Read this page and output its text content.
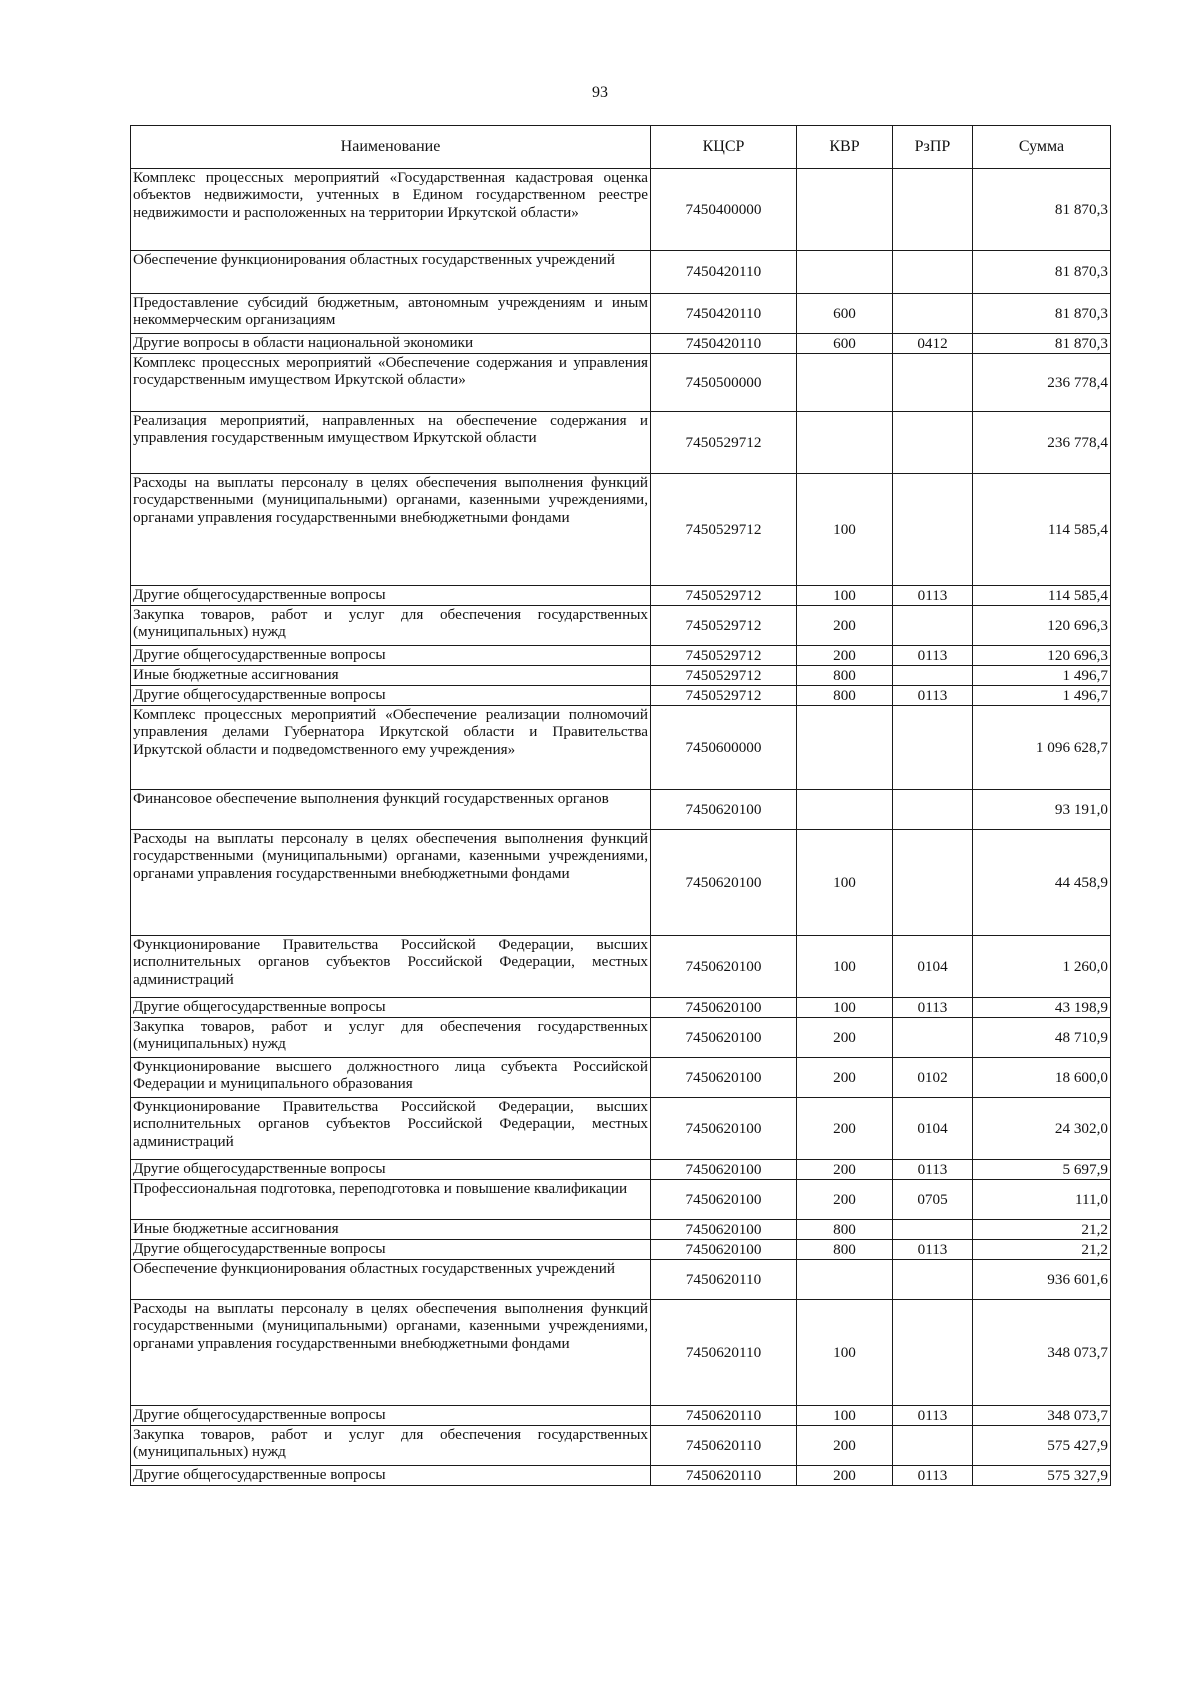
93
Наименование	КЦСР	КВР	РзПР	Сумма
Комплекс процессных мероприятий «Государственная кадастровая оценка объектов недвижимости, учтенных в Едином государственном реестре недвижимости и расположенных на территории Иркутской области»	7450400000			81 870,3
Обеспечение функционирования областных государственных учреждений	7450420110			81 870,3
Предоставление субсидий бюджетным, автономным учреждениям и иным некоммерческим организациям	7450420110	600		81 870,3
Другие вопросы в области национальной экономики	7450420110	600	0412	81 870,3
Комплекс процессных мероприятий «Обеспечение содержания и управления государственным имуществом Иркутской области»	7450500000			236 778,4
Реализация мероприятий, направленных на обеспечение содержания и управления государственным имуществом Иркутской области	7450529712			236 778,4
Расходы на выплаты персоналу в целях обеспечения выполнения функций государственными (муниципальными) органами, казенными учреждениями, органами управления государственными внебюджетными фондами	7450529712	100		114 585,4
Другие общегосударственные вопросы	7450529712	100	0113	114 585,4
Закупка товаров, работ и услуг для обеспечения государственных (муниципальных) нужд	7450529712	200		120 696,3
Другие общегосударственные вопросы	7450529712	200	0113	120 696,3
Иные бюджетные ассигнования	7450529712	800		1 496,7
Другие общегосударственные вопросы	7450529712	800	0113	1 496,7
Комплекс процессных мероприятий «Обеспечение реализации полномочий управления делами Губернатора Иркутской области и Правительства Иркутской области и подведомственного ему учреждения»	7450600000			1 096 628,7
Финансовое обеспечение выполнения функций государственных органов	7450620100			93 191,0
Расходы на выплаты персоналу в целях обеспечения выполнения функций государственными (муниципальными) органами, казенными учреждениями, органами управления государственными внебюджетными фондами	7450620100	100		44 458,9
Функционирование Правительства Российской Федерации, высших исполнительных органов субъектов Российской Федерации, местных администраций	7450620100	100	0104	1 260,0
Другие общегосударственные вопросы	7450620100	100	0113	43 198,9
Закупка товаров, работ и услуг для обеспечения государственных (муниципальных) нужд	7450620100	200		48 710,9
Функционирование высшего должностного лица субъекта Российской Федерации и муниципального образования	7450620100	200	0102	18 600,0
Функционирование Правительства Российской Федерации, высших исполнительных органов субъектов Российской Федерации, местных администраций	7450620100	200	0104	24 302,0
Другие общегосударственные вопросы	7450620100	200	0113	5 697,9
Профессиональная подготовка, переподготовка и повышение квалификации	7450620100	200	0705	111,0
Иные бюджетные ассигнования	7450620100	800		21,2
Другие общегосударственные вопросы	7450620100	800	0113	21,2
Обеспечение функционирования областных государственных учреждений	7450620110			936 601,6
Расходы на выплаты персоналу в целях обеспечения выполнения функций государственными (муниципальными) органами, казенными учреждениями, органами управления государственными внебюджетными фондами	7450620110	100		348 073,7
Другие общегосударственные вопросы	7450620110	100	0113	348 073,7
Закупка товаров, работ и услуг для обеспечения государственных (муниципальных) нужд	7450620110	200		575 427,9
Другие общегосударственные вопросы	7450620110	200	0113	575 327,9
